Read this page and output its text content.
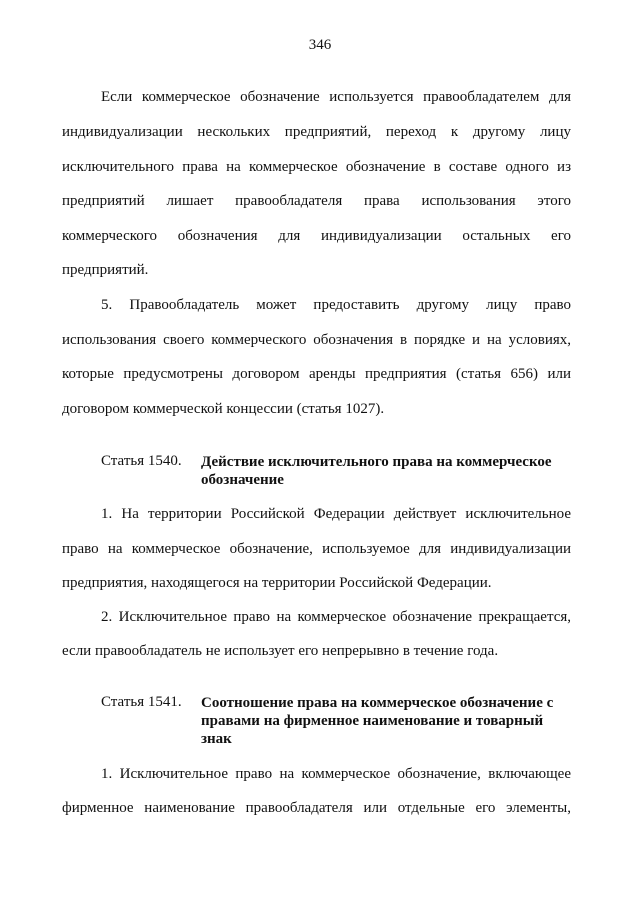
346
Если коммерческое обозначение используется правообладателем для
индивидуализации нескольких предприятий, переход к другому лицу
исключительного права на коммерческое обозначение в составе одного из
предприятий лишает правообладателя права использования этого
коммерческого обозначения для индивидуализации остальных его
предприятий.
5. Правообладатель может предоставить другому лицу право
использования своего коммерческого обозначения в порядке и на условиях,
которые предусмотрены договором аренды предприятия (статья 656) или
договором коммерческой концессии (статья 1027).
Статья 1540. Действие исключительного права на коммерческое
обозначение
1. На территории Российской Федерации действует исключительное
право на коммерческое обозначение, используемое для индивидуализации
предприятия, находящегося на территории Российской Федерации.
2. Исключительное право на коммерческое обозначение прекращается,
если правообладатель не использует его непрерывно в течение года.
Статья 1541. Соотношение права на коммерческое обозначение с
правами на фирменное наименование и товарный
знак
1. Исключительное право на коммерческое обозначение, включающее
фирменное наименование правообладателя или отдельные его элементы,
